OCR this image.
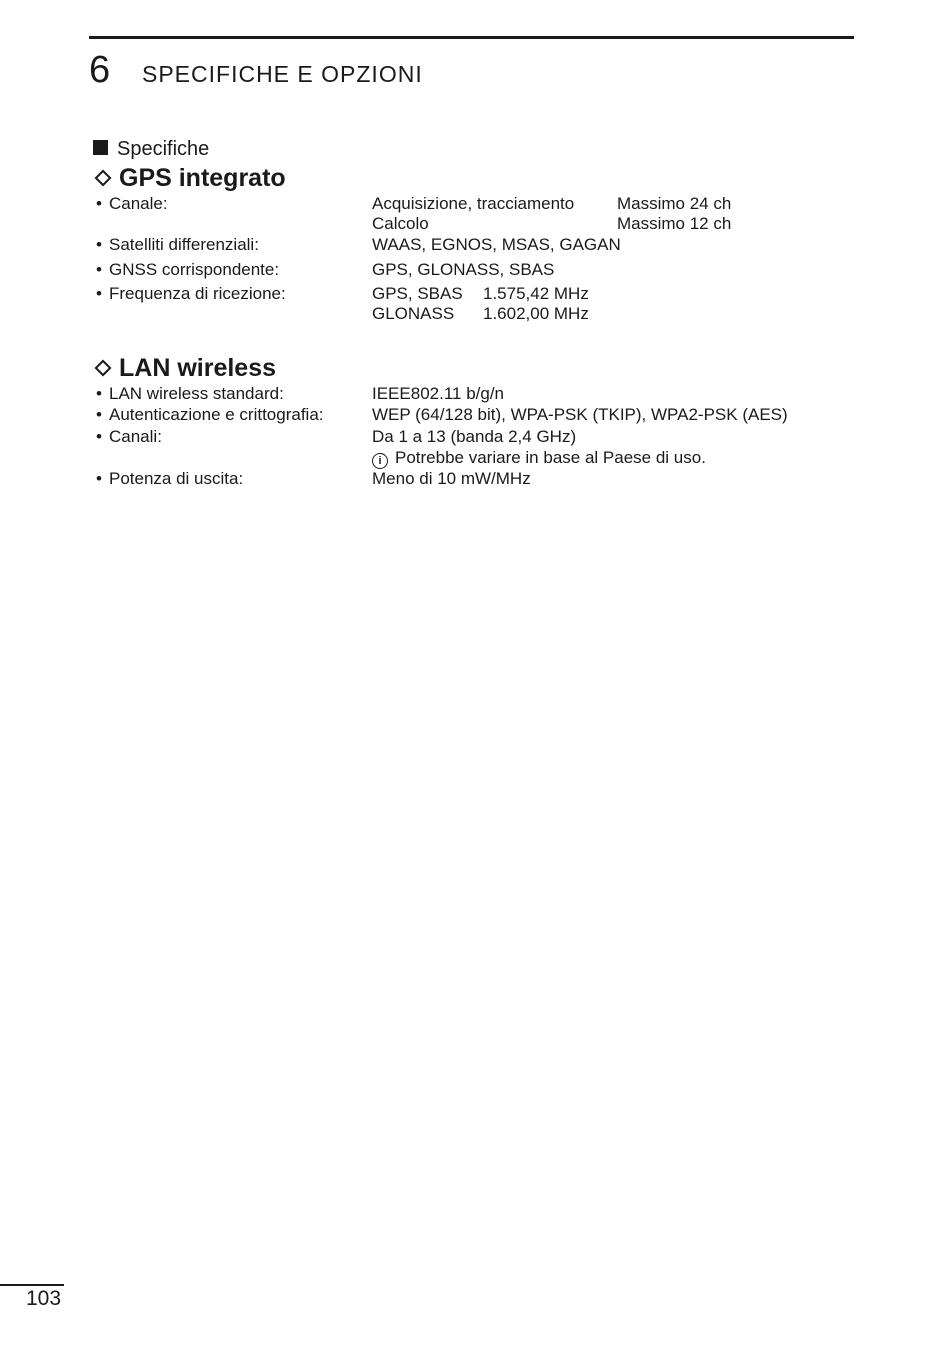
6 SPECIFICHE E OPZIONI
Specifiche
GPS integrato
• Canale:	Acquisizione, tracciamento	Massimo 24 ch
Calcolo	Massimo 12 ch
• Satelliti differenziali:	WAAS, EGNOS, MSAS, GAGAN
• GNSS corrispondente:	GPS, GLONASS, SBAS
• Frequenza di ricezione:	GPS, SBAS 1.575,42 MHz
GLONASS 1.602,00 MHz
LAN wireless
• LAN wireless standard:	IEEE802.11 b/g/n
• Autenticazione e crittografia:	WEP (64/128 bit), WPA-PSK (TKIP), WPA2-PSK (AES)
• Canali:	Da 1 a 13 (banda 2,4 GHz)
i Potrebbe variare in base al Paese di uso.
• Potenza di uscita:	Meno di 10 mW/MHz
103
